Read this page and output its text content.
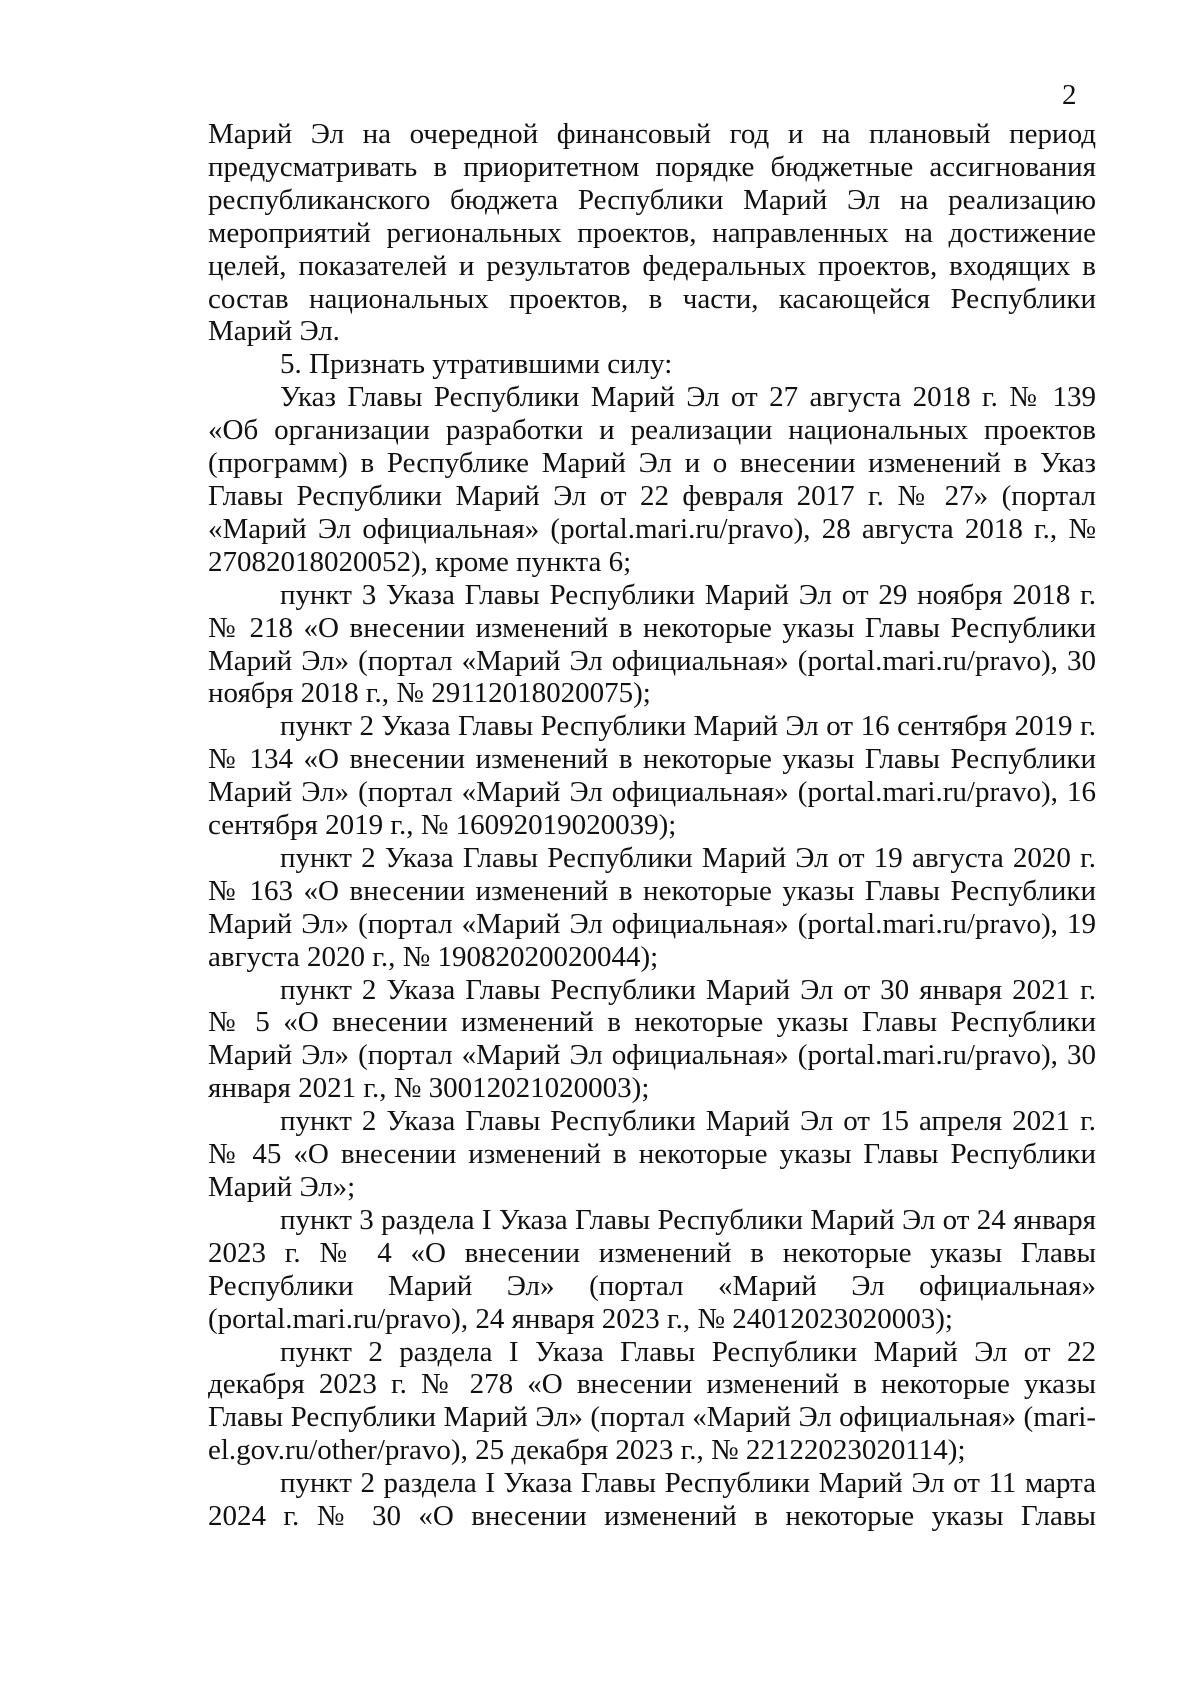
2

Марий Эл на очередной финансовый год и на плановый период предусматривать в приоритетном порядке бюджетные ассигнования республиканского бюджета Республики Марий Эл на реализацию мероприятий региональных проектов, направленных на достижение целей, показателей и результатов федеральных проектов, входящих в состав национальных проектов, в части, касающейся Республики Марий Эл.

5. Признать утратившими силу:

Указ Главы Республики Марий Эл от 27 августа 2018 г. № 139 «Об организации разработки и реализации национальных проектов (программ) в Республике Марий Эл и о внесении изменений в Указ Главы Республики Марий Эл от 22 февраля 2017 г. № 27» (портал «Марий Эл официальная» (portal.mari.ru/pravo), 28 августа 2018 г., № 27082018020052), кроме пункта 6;

пункт 3 Указа Главы Республики Марий Эл от 29 ноября 2018 г. № 218 «О внесении изменений в некоторые указы Главы Республики Марий Эл» (портал «Марий Эл официальная» (portal.mari.ru/pravo), 30 ноября 2018 г., № 29112018020075);

пункт 2 Указа Главы Республики Марий Эл от 16 сентября 2019 г. № 134 «О внесении изменений в некоторые указы Главы Республики Марий Эл» (портал «Марий Эл официальная» (portal.mari.ru/pravo), 16 сентября 2019 г., № 16092019020039);

пункт 2 Указа Главы Республики Марий Эл от 19 августа 2020 г. № 163 «О внесении изменений в некоторые указы Главы Республики Марий Эл» (портал «Марий Эл официальная» (portal.mari.ru/pravo), 19 августа 2020 г., № 19082020020044);

пункт 2 Указа Главы Республики Марий Эл от 30 января 2021 г. № 5 «О внесении изменений в некоторые указы Главы Республики Марий Эл» (портал «Марий Эл официальная» (portal.mari.ru/pravo), 30 января 2021 г., № 30012021020003);

пункт 2 Указа Главы Республики Марий Эл от 15 апреля 2021 г. № 45 «О внесении изменений в некоторые указы Главы Республики Марий Эл»;

пункт 3 раздела I Указа Главы Республики Марий Эл от 24 января 2023 г. № 4 «О внесении изменений в некоторые указы Главы Республики Марий Эл» (портал «Марий Эл официальная» (portal.mari.ru/pravo), 24 января 2023 г., № 24012023020003);

пункт 2 раздела I Указа Главы Республики Марий Эл от 22 декабря 2023 г. № 278 «О внесении изменений в некоторые указы Главы Республики Марий Эл» (портал «Марий Эл официальная» (mari-el.gov.ru/other/pravo), 25 декабря 2023 г., № 22122023020114);

пункт 2 раздела I Указа Главы Республики Марий Эл от 11 марта 2024 г. № 30 «О внесении изменений в некоторые указы Главы
